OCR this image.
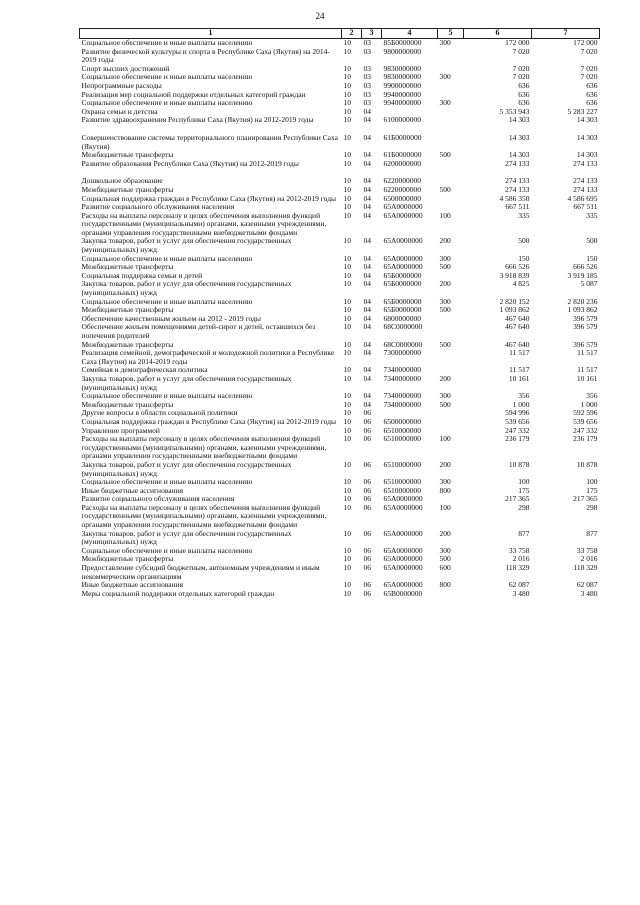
24
1	2	3	4	5	6	7
Социальное обеспечение и иные выплаты населению	10	03	85Б0000000	300	172 000	172 000
Развитие физической культуры и спорта в Республике Саха (Якутия) на 2014-2019 годы	10	03	9800000000		7 020	7 020
Спорт высших достижений	10	03	9830000000		7 020	7 020
Социальное обеспечение и иные выплаты населению	10	03	9830000000	300	7 020	7 020
Непрограммные расходы	10	03	9900000000		636	636
Реализация мер социальной поддержки отдельных категорий граждан	10	03	9940000000		636	636
Социальное обеспечение и иные выплаты населению	10	03	9940000000	300	636	636
Охрана семьи и детства	10	04			5 353 943	5 283 227
Развитие здравоохранения Республики Саха (Якутия) на 2012-2019 годы	10	04	6100000000		14 303	14 303
Совершенствование системы территориального планирования Республики Саха (Якутия)	10	04	61Б0000000		14 303	14 303
Межбюджетные трансферты	10	04	61Б0000000	500	14 303	14 303
Развитие образования Республики Саха (Якутия) на 2012-2019 годы	10	04	6200000000		274 133	274 133
Дошкольное образование	10	04	6220000000		274 133	274 133
Межбюджетные трансферты	10	04	6220000000	500	274 133	274 133
Социальная поддержка граждан в Республике Саха (Якутия) на 2012-2019 годы	10	04	6500000000		4 586 350	4 586 695
Развитие социального обслуживания населения	10	04	65А0000000		667 511	667 511
Расходы на выплаты персоналу в целях обеспечения выполнения функций государственными (муниципальными) органами, казенными учреждениями, органами управления государственными внебюджетными фондами	10	04	65А0000000	100	335	335
Закупка товаров, работ и услуг для обеспечения государственных (муниципальных) нужд	10	04	65А0000000	200	500	500
Социальное обеспечение и иные выплаты населению	10	04	65А0000000	300	150	150
Межбюджетные трансферты	10	04	65А0000000	500	666 526	666 526
Социальная поддержка семьи и детей	10	04	65Б0000000		3 918 839	3 919 185
Закупка товаров, работ и услуг для обеспечения государственных (муниципальных) нужд	10	04	65Б0000000	200	4 825	5 087
Социальное обеспечение и иные выплаты населению	10	04	65Б0000000	300	2 820 152	2 820 236
Межбюджетные трансферты	10	04	65Б0000000	500	1 093 862	1 093 862
Обеспечение качественным жильем на 2012 - 2019 годы	10	04	6800000000		467 640	396 579
Обеспечение жильем помещениями детей-сирот и детей, оставшихся без попечения родителей	10	04	68С0000000		467 640	396 579
Межбюджетные трансферты	10	04	68С0000000	500	467 640	396 579
Реализация семейной, демографической и молодежной политики в Республике Саха (Якутия) на 2014-2019 годы	10	04	7300000000		11 517	11 517
Семейная и демографическая политика	10	04	7340000000		11 517	11 517
Закупка товаров, работ и услуг для обеспечения государственных (муниципальных) нужд	10	04	7340000000	200	10 161	10 161
Социальное обеспечение и иные выплаты населению	10	04	7340000000	300	356	356
Межбюджетные трансферты	10	04	7340000000	500	1 000	1 000
Другие вопросы в области социальной политики	10	06			594 996	592 596
Социальная поддержка граждан в Республике Саха (Якутия) на 2012-2019 годы	10	06	6500000000		539 656	539 656
Управление программой	10	06	6510000000		247 332	247 332
Расходы на выплаты персоналу в целях обеспечения выполнения функций государственными (муниципальными) органами, казенными учреждениями, органами управления государственными внебюджетными фондами	10	06	6510000000	100	236 179	236 179
Закупка товаров, работ и услуг для обеспечения государственных (муниципальных) нужд	10	06	6510000000	200	10 878	10 878
Социальное обеспечение и иные выплаты населению	10	06	6510000000	300	100	100
Иные бюджетные ассигнования	10	06	6510000000	800	175	175
Развитие социального обслуживания населения	10	06	65А0000000		217 365	217 365
Расходы на выплаты персоналу в целях обеспечения выполнения функций государственными (муниципальными) органами, казенными учреждениями, органами управления государственными внебюджетными фондами	10	06	65А0000000	100	298	298
Закупка товаров, работ и услуг для обеспечения государственных (муниципальных) нужд	10	06	65А0000000	200	877	877
Социальное обеспечение и иные выплаты населению	10	06	65А0000000	300	33 758	33 758
Межбюджетные трансферты	10	06	65А0000000	500	2 016	2 016
Предоставление субсидий бюджетным, автономным учреждениям и иным некоммерческим организациям	10	06	65А0000000	600	118 329	118 329
Иные бюджетные ассигнования	10	06	65А0000000	800	62 087	62 087
Меры социальной поддержки отдельных категорий граждан	10	06	65В0000000		3 480	3 480
